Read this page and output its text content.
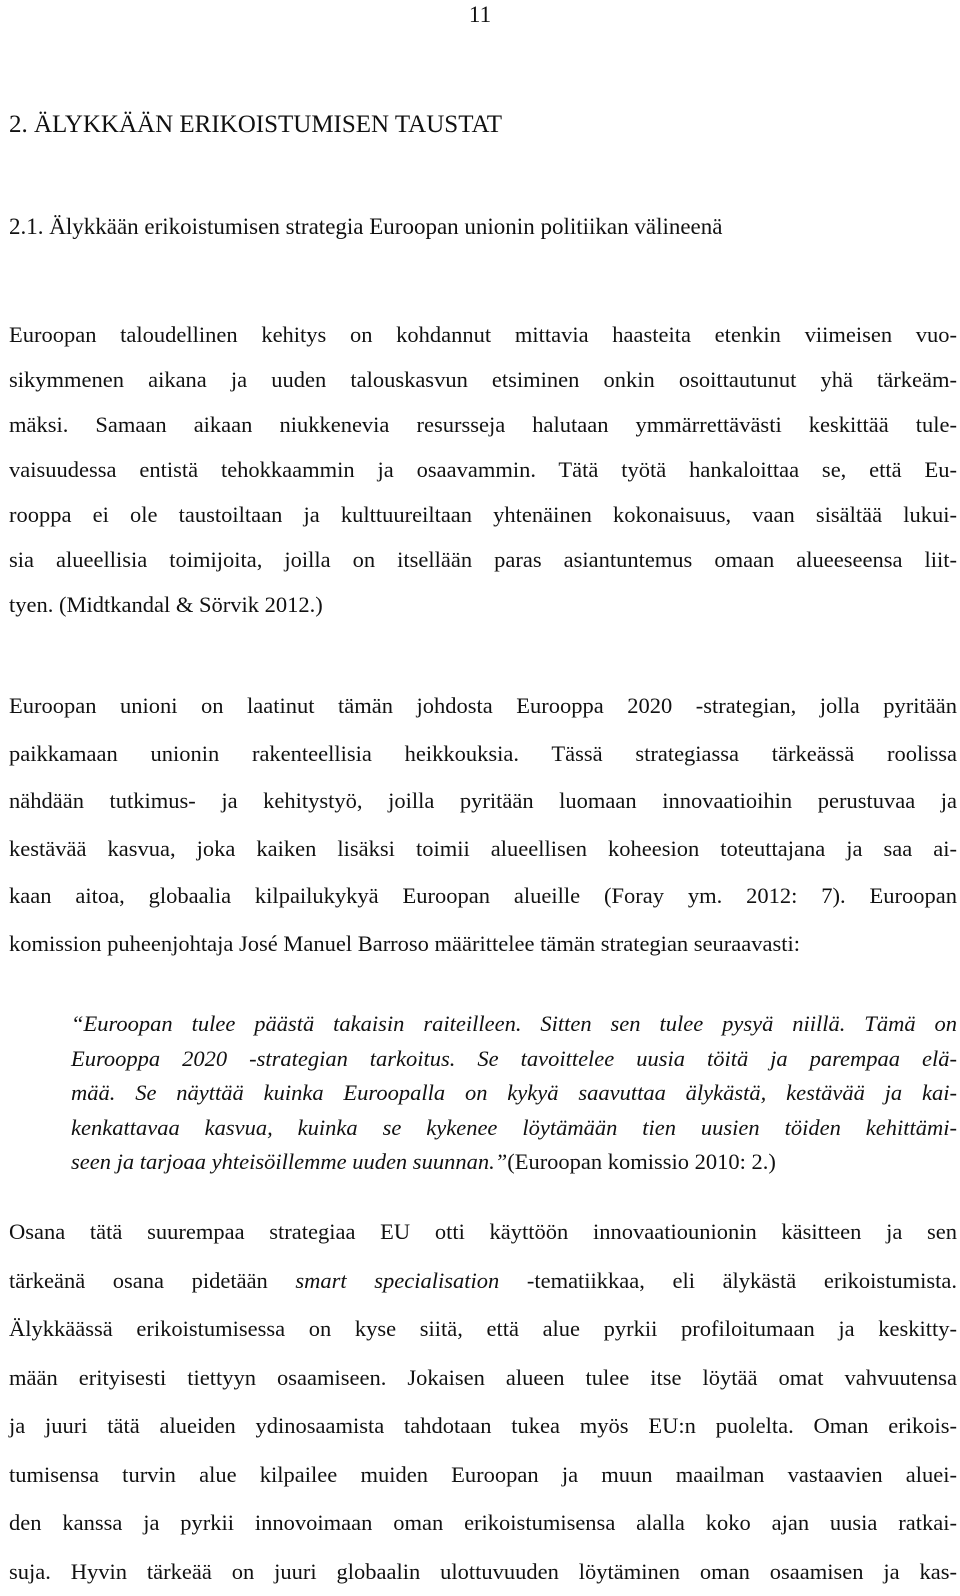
11
2. ÄLYKKÄÄN ERIKOISTUMISEN TAUSTAT
2.1. Älykkään erikoistumisen strategia Euroopan unionin politiikan välineenä

Euroopan taloudellinen kehitys on kohdannut mittavia haasteita etenkin viimeisen vuo-
sikymmenen aikana ja uuden talouskasvun etsiminen onkin osoittautunut yhä tärkeäm-
mäksi. Samaan aikaan niukkenevia resursseja halutaan ymmärrettävästi keskittää tule-
vaisuudessa entistä tehokkaammin ja osaavammin. Tätä työtä hankaloittaa se, että Eu-
rooppa ei ole taustoiltaan ja kulttuureiltaan yhtenäinen kokonaisuus, vaan sisältää lukui-
sia alueellisia toimijoita, joilla on itsellään paras asiantuntemus omaan alueeseensa liit-
tyen. (Midtkandal & Sörvik 2012.)

Euroopan unioni on laatinut tämän johdosta Eurooppa 2020 -strategian, jolla pyritään
paikkamaan unionin rakenteellisia heikkouksia. Tässä strategiassa tärkeässä roolissa
nähdään tutkimus- ja kehitystyö, joilla pyritään luomaan innovaatioihin perustuvaa ja
kestävää kasvua, joka kaiken lisäksi toimii alueellisen koheesion toteuttajana ja saa ai-
kaan aitoa, globaalia kilpailukykyä Euroopan alueille (Foray ym. 2012: 7). Euroopan
komission puheenjohtaja José Manuel Barroso määrittelee tämän strategian seuraavasti:

“Euroopan tulee päästä takaisin raiteilleen. Sitten sen tulee pysyä niillä. Tämä on
Eurooppa 2020 -strategian tarkoitus. Se tavoittelee uusia töitä ja parempaa elä-
mää. Se näyttää kuinka Euroopalla on kykyä saavuttaa älykästä, kestävää ja kai-
kenkattavaa kasvua, kuinka se kykenee löytämään tien uusien töiden kehittämi-
seen ja tarjoaa yhteisöillemme uuden suunnan.”(Euroopan komissio 2010: 2.)

Osana tätä suurempaa strategiaa EU otti käyttöön innovaatiounionin käsitteen ja sen
tärkeänä osana pidetään smart specialisation -tematiikkaa, eli älykästä erikoistumista.
Älykkäässä erikoistumisessa on kyse siitä, että alue pyrkii profiloitumaan ja keskitty-
mään erityisesti tiettyyn osaamiseen. Jokaisen alueen tulee itse löytää omat vahvuutensa
ja juuri tätä alueiden ydinosaamista tahdotaan tukea myös EU:n puolelta. Oman erikois-
tumisensa turvin alue kilpailee muiden Euroopan ja muun maailman vastaavien aluei-
den kanssa ja pyrkii innovoimaan oman erikoistumisensa alalla koko ajan uusia ratkai-
suja. Hyvin tärkeää on juuri globaalin ulottuvuuden löytäminen oman osaamisen ja kas-
